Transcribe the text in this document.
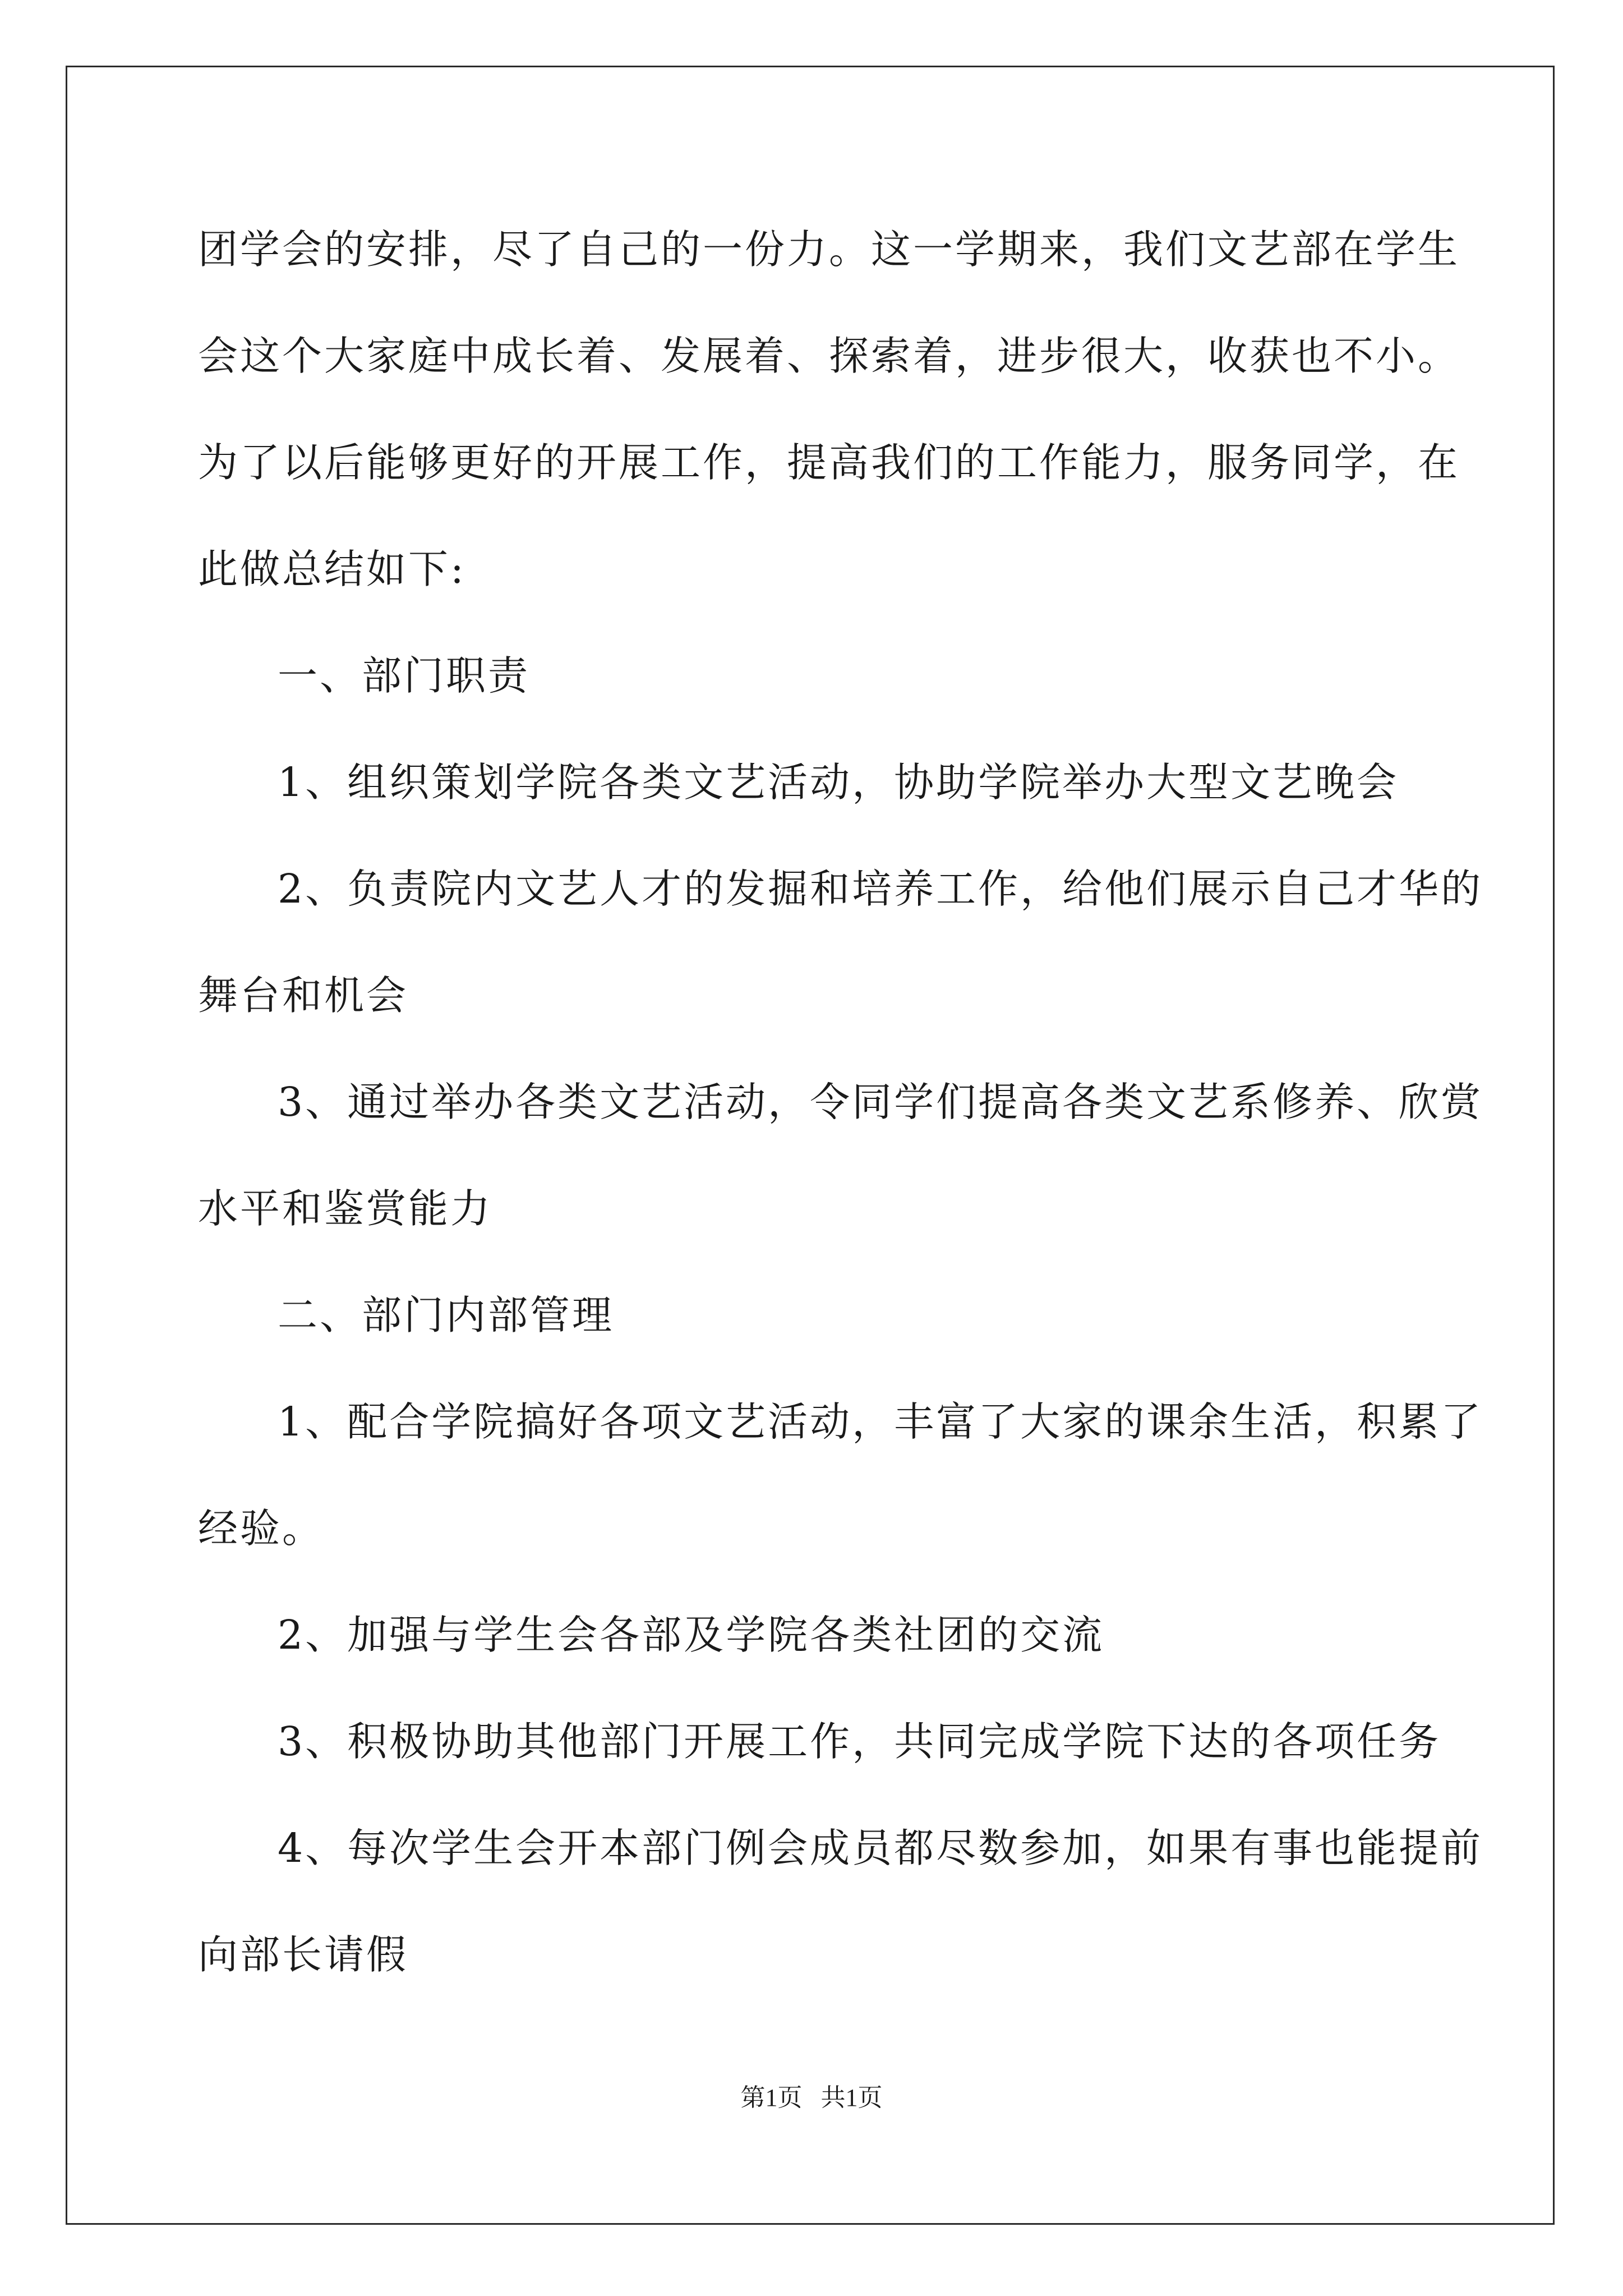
团学会的安排，尽了自己的一份力。这一学期来，我们文艺部在学生
会这个大家庭中成长着、发展着、探索着，进步很大，收获也不小。
为了以后能够更好的开展工作，提高我们的工作能力，服务同学，在
此做总结如下:
一、部门职责
1、组织策划学院各类文艺活动，协助学院举办大型文艺晚会
2、负责院内文艺人才的发掘和培养工作，给他们展示自己才华的
舞台和机会
3、通过举办各类文艺活动，令同学们提高各类文艺系修养、欣赏
水平和鉴赏能力
二、部门内部管理
1、配合学院搞好各项文艺活动，丰富了大家的课余生活，积累了
经验。
2、加强与学生会各部及学院各类社团的交流
3、积极协助其他部门开展工作，共同完成学院下达的各项任务
4、每次学生会开本部门例会成员都尽数参加，如果有事也能提前
向部长请假
第1页   共1页
